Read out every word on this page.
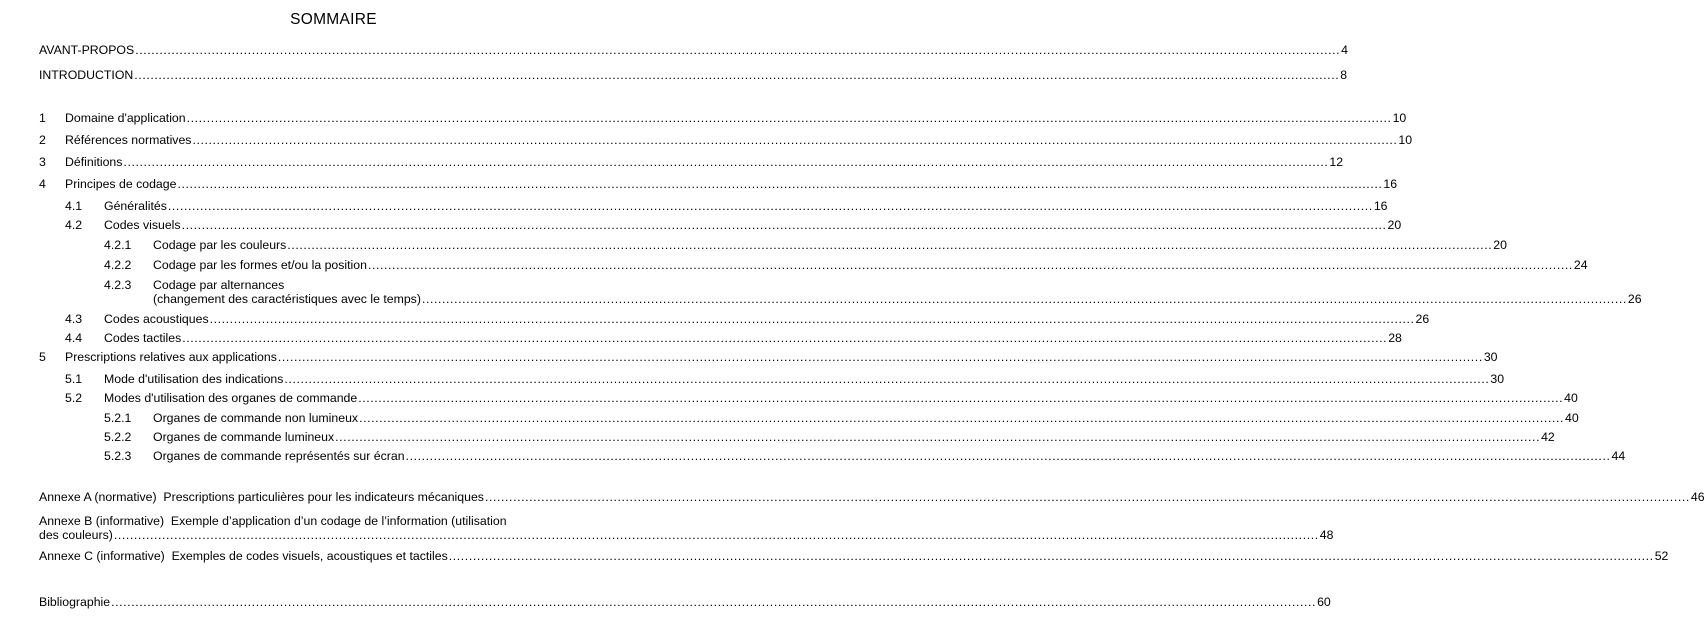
SOMMAIRE
AVANT-PROPOS ............................................................................................................................................................................................................................................................................................................ 4
INTRODUCTION ............................................................................................................................................................................................................................................................................................................ 8
1 Domaine d'application ............................................................................................................................................................................................................................................................................................................ 10
2 Références normatives ............................................................................................................................................................................................................................................................................................................ 10
3 Définitions ............................................................................................................................................................................................................................................................................................................ 12
4 Principes de codage ............................................................................................................................................................................................................................................................................................................ 16
4.1 Généralités ............................................................................................................................................................................................................................................................................................................ 16
4.2 Codes visuels ............................................................................................................................................................................................................................................................................................................ 20
4.2.1 Codage par les couleurs ............................................................................................................................................................................................................................................................................................................ 20
4.2.2 Codage par les formes et/ou la position ............................................................................................................................................................................................................................................................................................................ 24
4.2.3 Codage par alternances
(changement des caractéristiques avec le temps) ............................................................................................................................................................................................................................................................................................................ 26
4.3 Codes acoustiques ............................................................................................................................................................................................................................................................................................................ 26
4.4 Codes tactiles ............................................................................................................................................................................................................................................................................................................ 28
5 Prescriptions relatives aux applications ............................................................................................................................................................................................................................................................................................................ 30
5.1 Mode d'utilisation des indications ............................................................................................................................................................................................................................................................................................................ 30
5.2 Modes d'utilisation des organes de commande ............................................................................................................................................................................................................................................................................................................ 40
5.2.1 Organes de commande non lumineux ............................................................................................................................................................................................................................................................................................................ 40
5.2.2 Organes de commande lumineux ............................................................................................................................................................................................................................................................................................................ 42
5.2.3 Organes de commande représentés sur écran ............................................................................................................................................................................................................................................................................................................ 44
Annexe A (normative)  Prescriptions particulières pour les indicateurs mécaniques ............................................................................................................................................................................................................................................................................................................ 46
Annexe B (informative)  Exemple d’application d’un codage de l’information (utilisation
des couleurs) ............................................................................................................................................................................................................................................................................................................ 48
Annexe C (informative)  Exemples de codes visuels, acoustiques et tactiles ............................................................................................................................................................................................................................................................................................................ 52
Bibliographie ............................................................................................................................................................................................................................................................................................................ 60
